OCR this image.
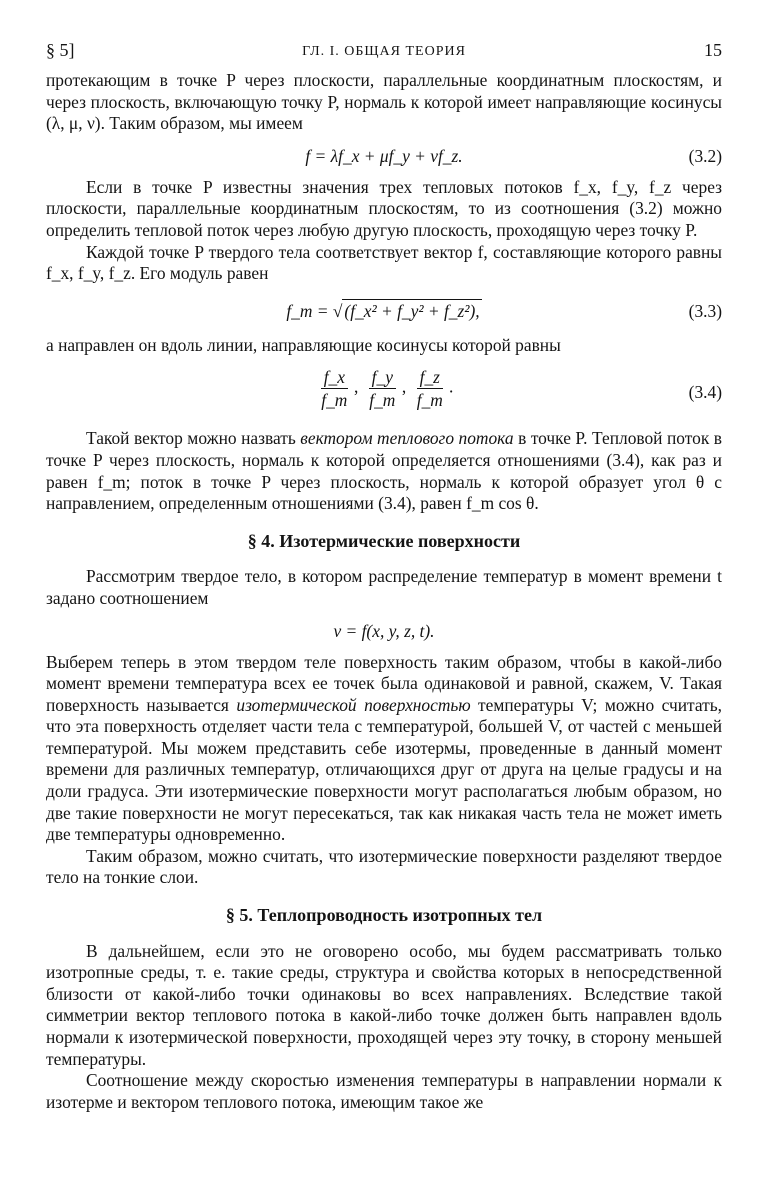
§ 5]	ГЛ. I. ОБЩАЯ ТЕОРИЯ	15

протекающим в точке P через плоскости, параллельные координатным плоскостям, и через плоскость, включающую точку P, нормаль к которой имеет направляющие косинусы (λ, μ, ν). Таким образом, мы имеем

f = λf_x + μf_y + νf_z.	(3.2)

Если в точке P известны значения трех тепловых потоков f_x, f_y, f_z через плоскости, параллельные координатным плоскостям, то из соотношения (3.2) можно определить тепловой поток через любую другую плоскость, проходящую через точку P.

Каждой точке P твердого тела соответствует вектор f, составляющие которого равны f_x, f_y, f_z. Его модуль равен

f_m = √ (f_x² + f_y² + f_z²),	(3.3)

а направлен он вдоль линии, направляющие косинусы которой равны

$\frac{f\_x}{f\_m}$ , $\frac{f\_y}{f\_m}$ , $\frac{f\_z}{f\_m}$ .	(3.4)

Такой вектор можно назвать вектором теплового потока в точке P. Тепловой поток в точке P через плоскость, нормаль к которой определяется отношениями (3.4), как раз и равен f_m; поток в точке P через плоскость, нормаль к которой образует угол θ с направлением, определенным отношениями (3.4), равен f_m cos θ.

§ 4. Изотермические поверхности

Рассмотрим твердое тело, в котором распределение температур в момент времени t задано соотношением

v = f(x, y, z, t).

Выберем теперь в этом твердом теле поверхность таким образом, чтобы в какой-либо момент времени температура всех ее точек была одинаковой и равной, скажем, V. Такая поверхность называется изотермической поверхностью температуры V; можно считать, что эта поверхность отделяет части тела с температурой, большей V, от частей с меньшей температурой. Мы можем представить себе изотермы, проведенные в данный момент времени для различных температур, отличающихся друг от друга на целые градусы и на доли градуса. Эти изотермические поверхности могут располагаться любым образом, но две такие поверхности не могут пересекаться, так как никакая часть тела не может иметь две температуры одновременно.

Таким образом, можно считать, что изотермические поверхности разделяют твердое тело на тонкие слои.

§ 5. Теплопроводность изотропных тел

В дальнейшем, если это не оговорено особо, мы будем рассматривать только изотропные среды, т. е. такие среды, структура и свойства которых в непосредственной близости от какой-либо точки одинаковы во всех направлениях. Вследствие такой симметрии вектор теплового потока в какой-либо точке должен быть направлен вдоль нормали к изотермической поверхности, проходящей через эту точку, в сторону меньшей температуры.

Соотношение между скоростью изменения температуры в направлении нормали к изотерме и вектором теплового потока, имеющим такое же
